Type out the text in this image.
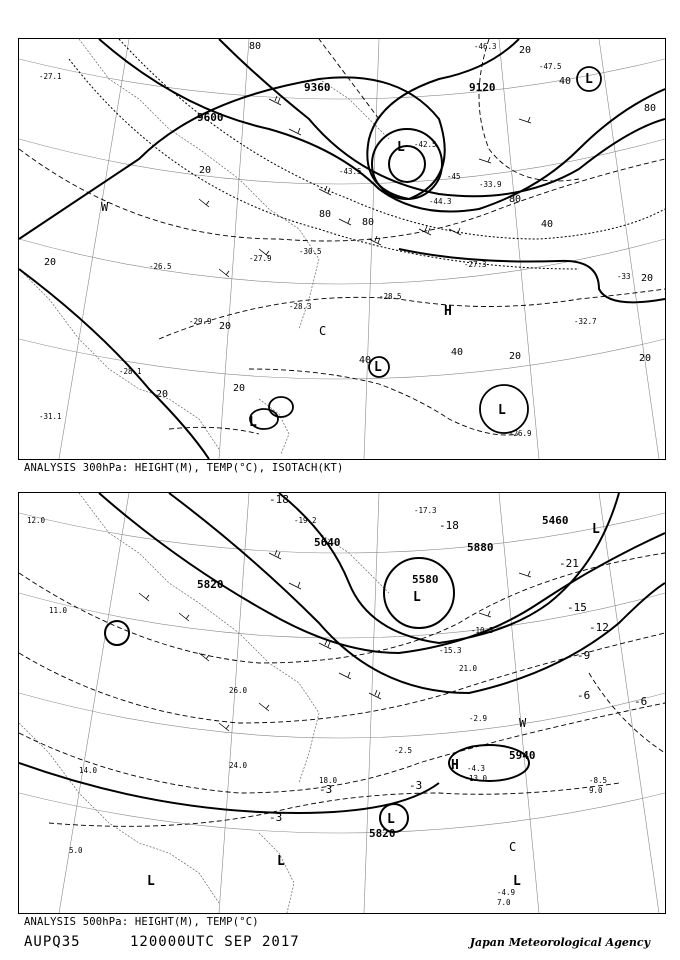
9600
9360	9120
80
80
80
80
80
40
40
40
40
20
20
20
20
20	20
20
20
20
L
L
L
L
L
H
C
W
-27.1
-31.1
-29.9
-28.1
-27.9
-28.3
-26.5
-28.5
-27.3
-32.7
-33
-30.5
-44.3
-47.5
-42.5
-43.5
-45
-46.3
-33.9
-26.9
ANALYSIS 300hPa: HEIGHT(M), TEMP(°C), ISOTACH(KT)
5820
5880
5580
5460
5640
5940
5820
-18
-21
-18
-15
-12
-9
-6	-6
-3
-3
-3
-4.3
-17.3
-19.2
-15.3
-10.5
-2.9
-2.5
-8.5
-4.9
12.0
14.0
11.0
9.0
7.0
13.0
18.0
21.0
24.0
26.0
5.0
L
L
L
L
L	L
H
C
W
ANALYSIS 500hPa: HEIGHT(M), TEMP(°C)
AUPQ35	120000UTC SEP 2017	Japan Meteorological Agency
